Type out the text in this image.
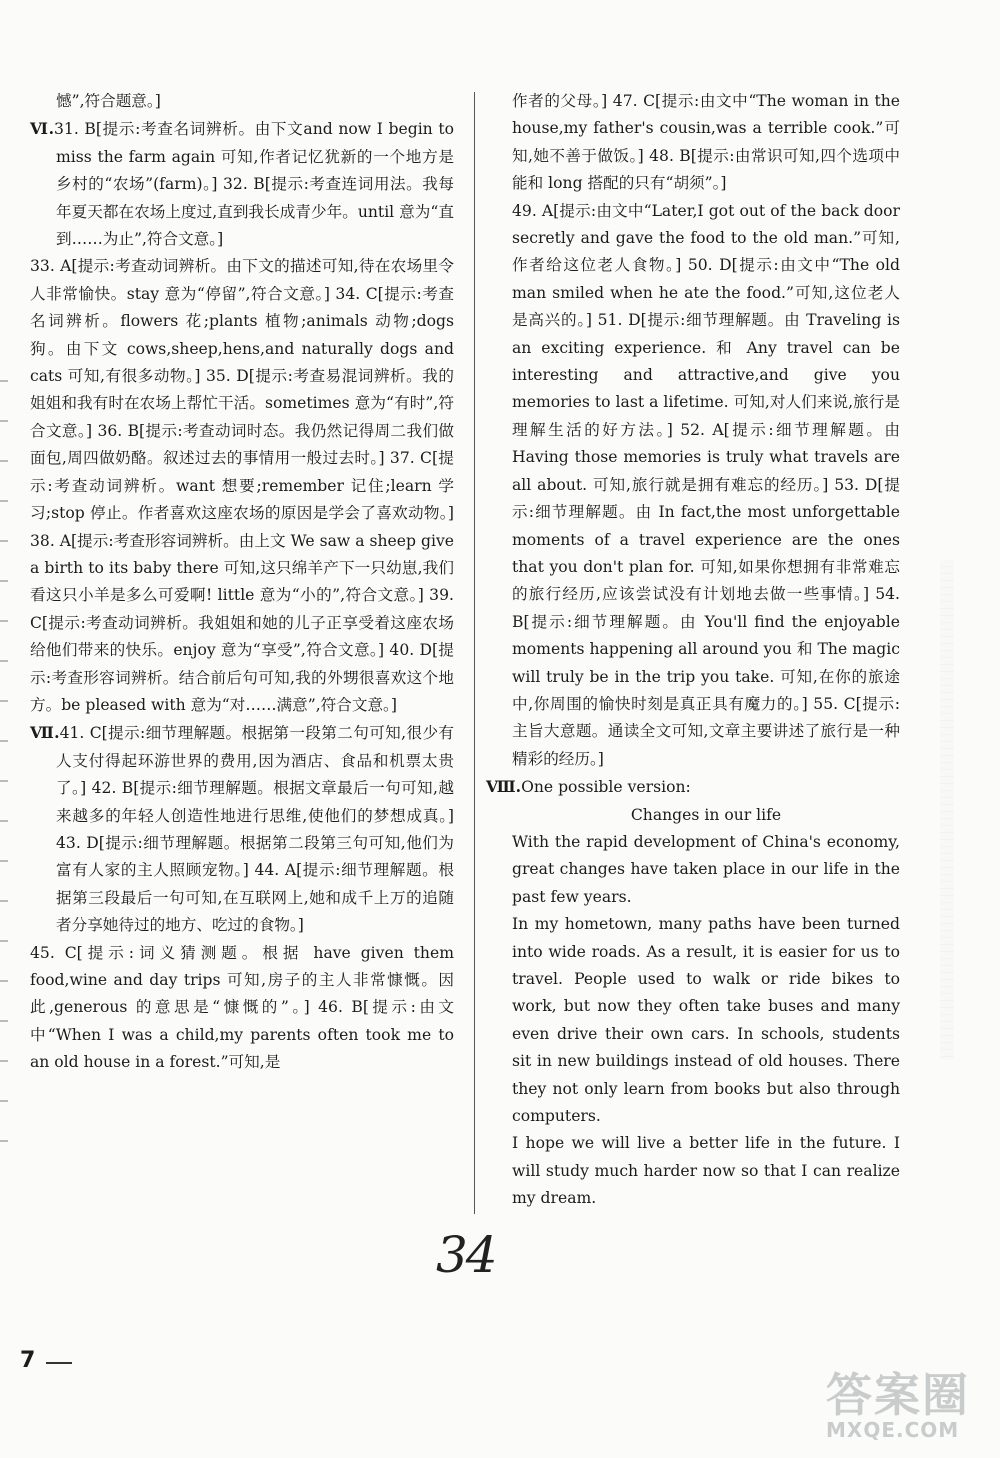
憾”,符合题意。]

Ⅵ.31. B[提示:考查名词辨析。由下文and now I begin to miss the farm again 可知,作者记忆犹新的一个地方是乡村的“农场”(farm)。] 32. B[提示:考查连词用法。我每年夏天都在农场上度过,直到我长成青少年。until 意为“直到……为止”,符合文意。]

33. A[提示:考查动词辨析。由下文的描述可知,待在农场里令人非常愉快。stay 意为“停留”,符合文意。] 34. C[提示:考查名词辨析。flowers 花;plants 植物;animals 动物;dogs 狗。由下文 cows,sheep,hens,and naturally dogs and cats 可知,有很多动物。] 35. D[提示:考查易混词辨析。我的姐姐和我有时在农场上帮忙干活。sometimes 意为“有时”,符合文意。] 36. B[提示:考查动词时态。我仍然记得周二我们做面包,周四做奶酪。叙述过去的事情用一般过去时。] 37. C[提示:考查动词辨析。want 想要;remember 记住;learn 学习;stop 停止。作者喜欢这座农场的原因是学会了喜欢动物。] 38. A[提示:考查形容词辨析。由上文 We saw a sheep give a birth to its baby there 可知,这只绵羊产下一只幼崽,我们看这只小羊是多么可爱啊! little 意为“小的”,符合文意。] 39. C[提示:考查动词辨析。我姐姐和她的儿子正享受着这座农场给他们带来的快乐。enjoy 意为“享受”,符合文意。] 40. D[提示:考查形容词辨析。结合前后句可知,我的外甥很喜欢这个地方。be pleased with 意为“对……满意”,符合文意。]

Ⅶ.41. C[提示:细节理解题。根据第一段第二句可知,很少有人支付得起环游世界的费用,因为酒店、食品和机票太贵了。] 42. B[提示:细节理解题。根据文章最后一句可知,越来越多的年轻人创造性地进行思维,使他们的梦想成真。] 43. D[提示:细节理解题。根据第二段第三句可知,他们为富有人家的主人照顾宠物。] 44. A[提示:细节理解题。根据第三段最后一句可知,在互联网上,她和成千上万的追随者分享她待过的地方、吃过的食物。]

45. C[提示:词义猜测题。根据 have given them food,wine and day trips 可知,房子的主人非常慷慨。因此,generous 的意思是“慷慨的”。] 46. B[提示:由文中“When I was a child,my parents often took me to an old house in a forest.”可知,是

作者的父母。] 47. C[提示:由文中“The woman in the house,my father's cousin,was a terrible cook.”可知,她不善于做饭。] 48. B[提示:由常识可知,四个选项中能和 long 搭配的只有“胡须”。]

49. A[提示:由文中“Later,I got out of the back door secretly and gave the food to the old man.”可知,作者给这位老人食物。] 50. D[提示:由文中“The old man smiled when he ate the food.”可知,这位老人是高兴的。] 51. D[提示:细节理解题。由 Traveling is an exciting experience. 和 Any travel can be interesting and attractive,and give you memories to last a lifetime. 可知,对人们来说,旅行是理解生活的好方法。] 52. A[提示:细节理解题。由 Having those memories is truly what travels are all about. 可知,旅行就是拥有难忘的经历。] 53. D[提示:细节理解题。由 In fact,the most unforgettable moments of a travel experience are the ones that you don't plan for. 可知,如果你想拥有非常难忘的旅行经历,应该尝试没有计划地去做一些事情。] 54. B[提示:细节理解题。由 You'll find the enjoyable moments happening all around you 和 The magic will truly be in the trip you take. 可知,在你的旅途中,你周围的愉快时刻是真正具有魔力的。] 55. C[提示:主旨大意题。通读全文可知,文章主要讲述了旅行是一种精彩的经历。]

Ⅷ.One possible version:

Changes in our life

With the rapid development of China's economy, great changes have taken place in our life in the past few years.

In my hometown, many paths have been turned into wide roads. As a result, it is easier for us to travel. People used to walk or ride bikes to work, but now they often take buses and many even drive their own cars. In schools, students sit in new buildings instead of old houses. There they not only learn from books but also through computers.

I hope we will live a better life in the future. I will study much harder now so that I can realize my dream.

34
7
答案圈
MXQE.COM
